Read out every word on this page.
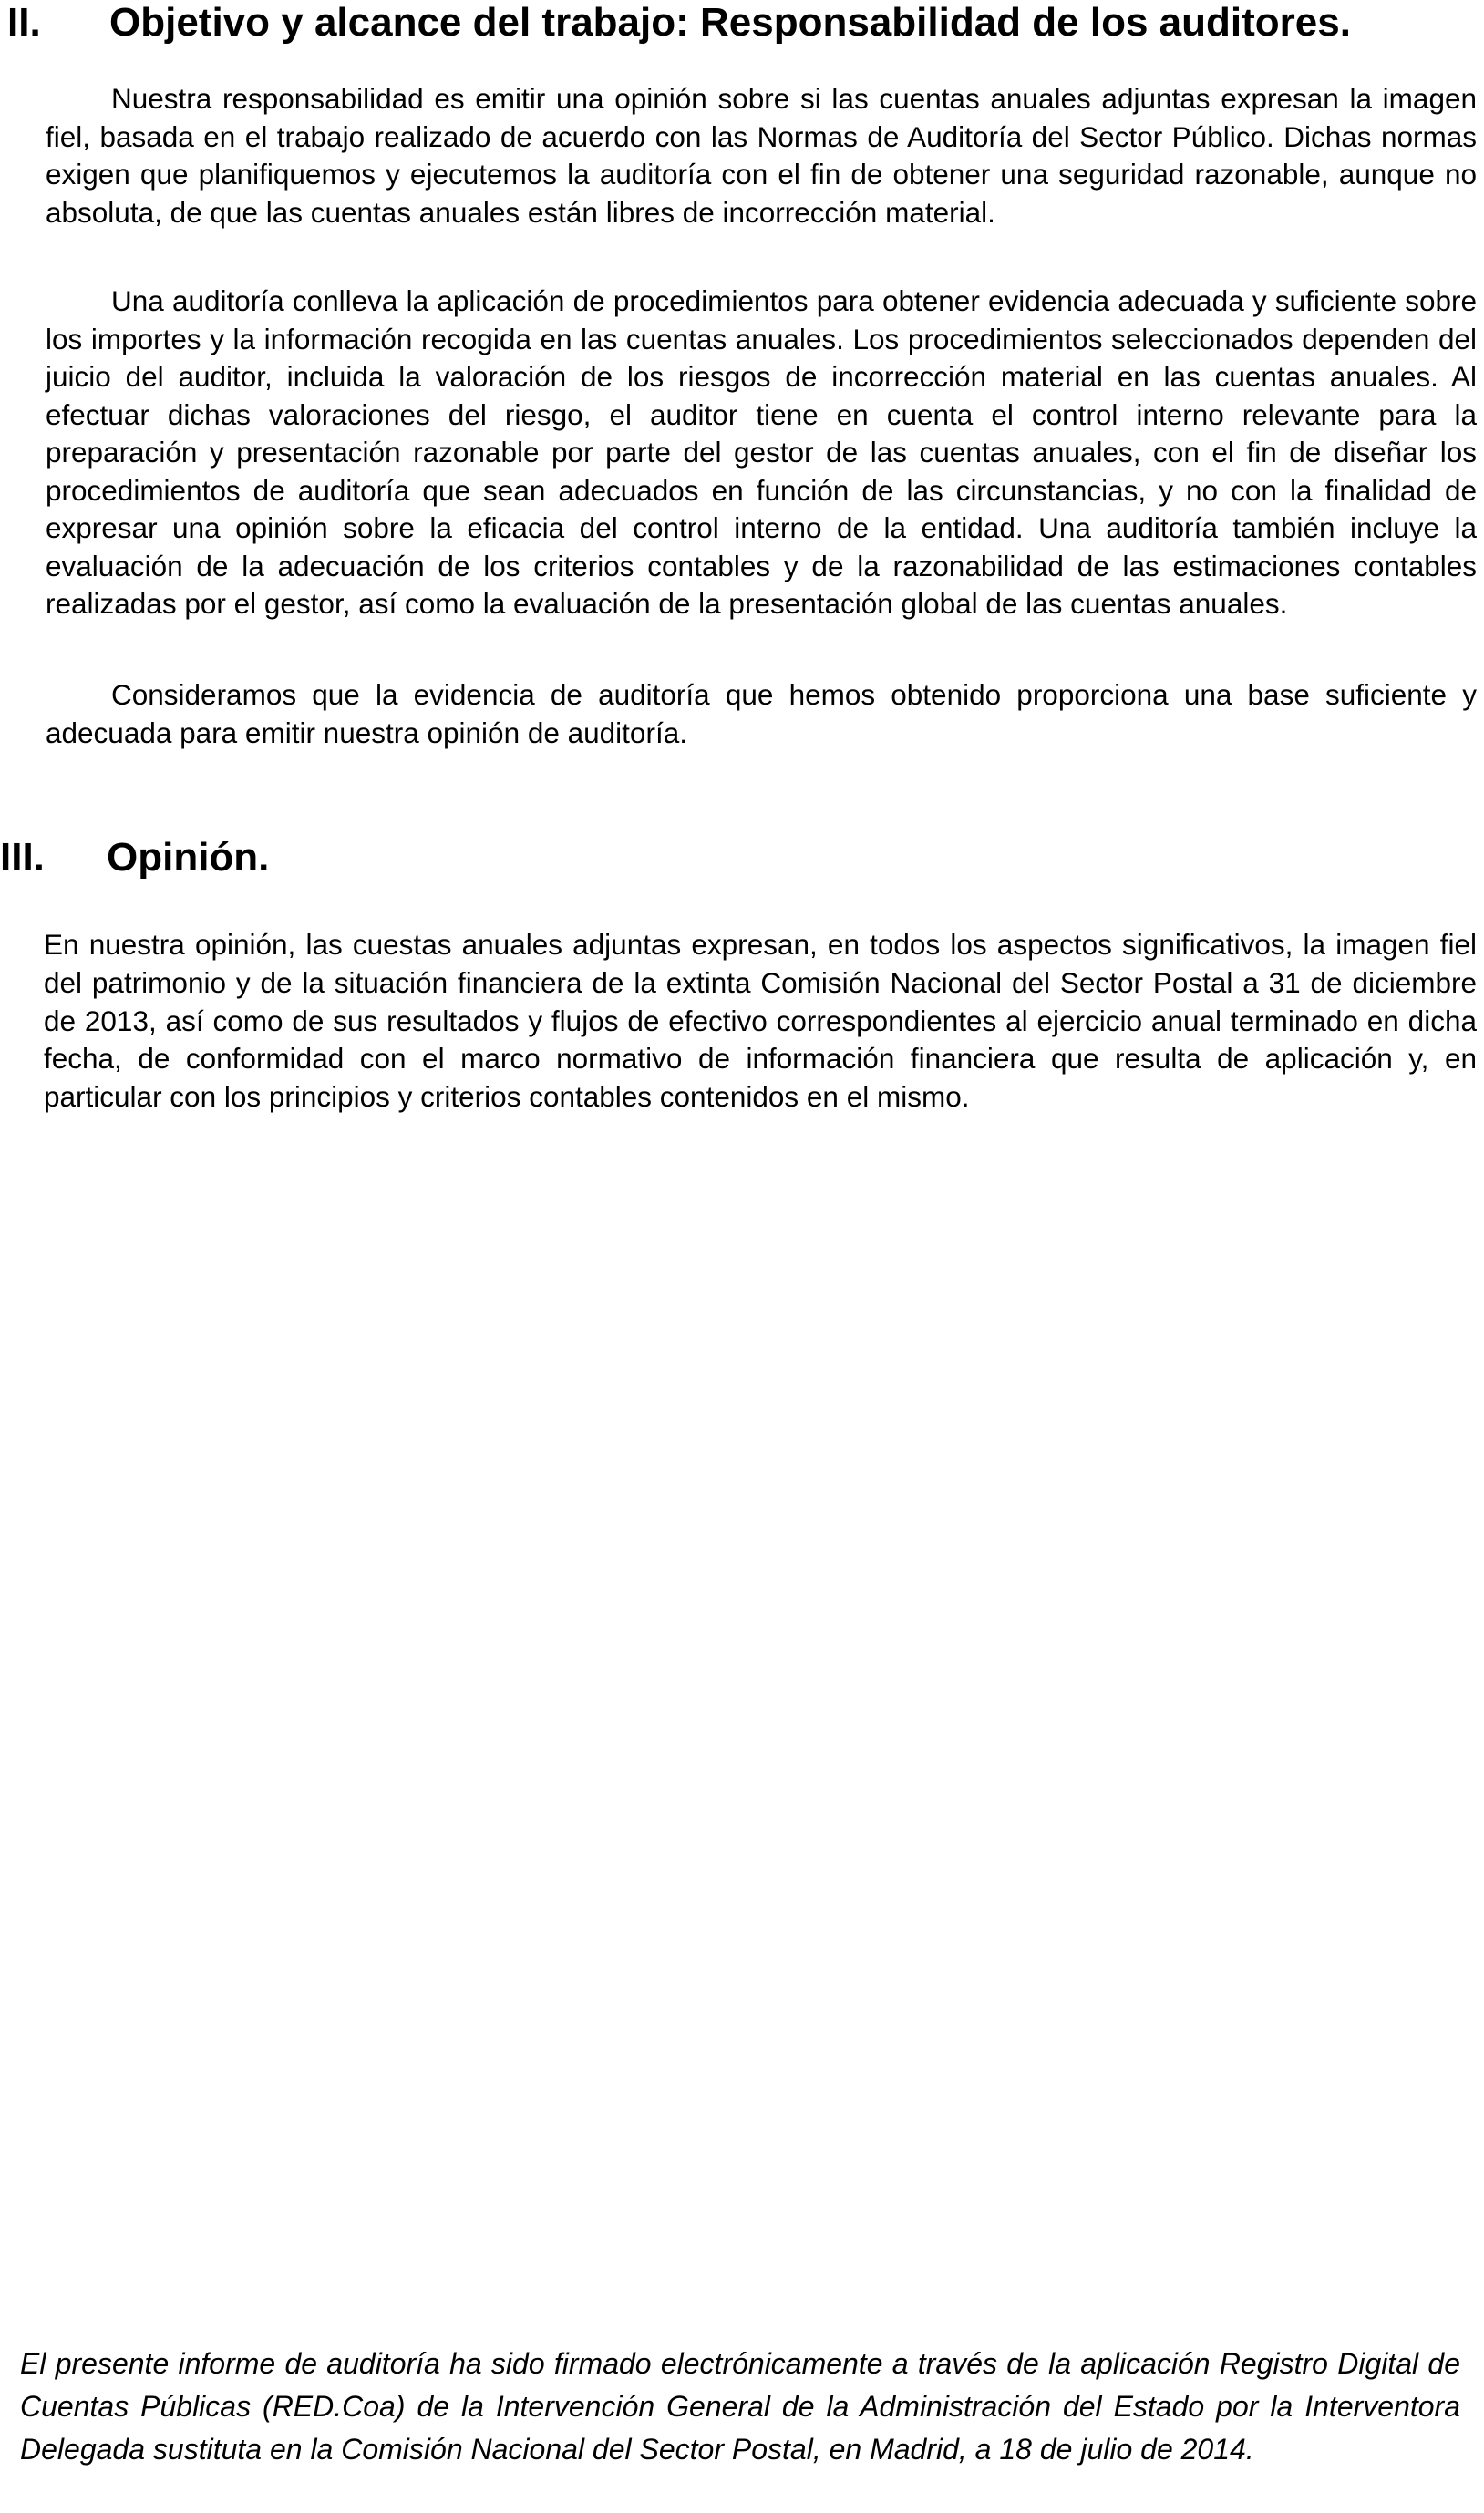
II.	Objetivo y alcance del trabajo: Responsabilidad de los auditores.

Nuestra responsabilidad es emitir una opinión sobre si las cuentas anuales adjuntas expresan la imagen fiel, basada en el trabajo realizado de acuerdo con las Normas de Auditoría del Sector Público. Dichas normas exigen que planifiquemos y ejecutemos la auditoría con el fin de obtener una seguridad razonable, aunque no absoluta, de que las cuentas anuales están libres de incorrección material.

Una auditoría conlleva la aplicación de procedimientos para obtener evidencia adecuada y suficiente sobre los importes y la información recogida en las cuentas anuales. Los procedimientos seleccionados dependen del juicio del auditor, incluida la valoración de los riesgos de incorrección material en las cuentas anuales. Al efectuar dichas valoraciones del riesgo, el auditor tiene en cuenta el control interno relevante para la preparación y presentación razonable por parte del gestor de las cuentas anuales, con el fin de diseñar los procedimientos de auditoría que sean adecuados en función de las circunstancias, y no con la finalidad de expresar una opinión sobre la eficacia del control interno de la entidad. Una auditoría también incluye la evaluación de la adecuación de los criterios contables y de la razonabilidad de las estimaciones contables realizadas por el gestor, así como la evaluación de la presentación global de las cuentas anuales.

Consideramos que la evidencia de auditoría que hemos obtenido proporciona una base suficiente y adecuada para emitir nuestra opinión de auditoría.

III.	Opinión.

En nuestra opinión, las cuestas anuales adjuntas expresan, en todos los aspectos significativos, la imagen fiel del patrimonio y de la situación financiera de la extinta Comisión Nacional del Sector Postal a 31 de diciembre de 2013, así como de sus resultados y flujos de efectivo correspondientes al ejercicio anual terminado en dicha fecha, de conformidad con el marco normativo de información financiera que resulta de aplicación y, en particular con los principios y criterios contables contenidos en el mismo.

El presente informe de auditoría ha sido firmado electrónicamente a través de la aplicación Registro Digital de Cuentas Públicas (RED.Coa) de la Intervención General de la Administración del Estado por la Interventora Delegada sustituta en la Comisión Nacional del Sector Postal, en Madrid, a 18 de julio de 2014.
